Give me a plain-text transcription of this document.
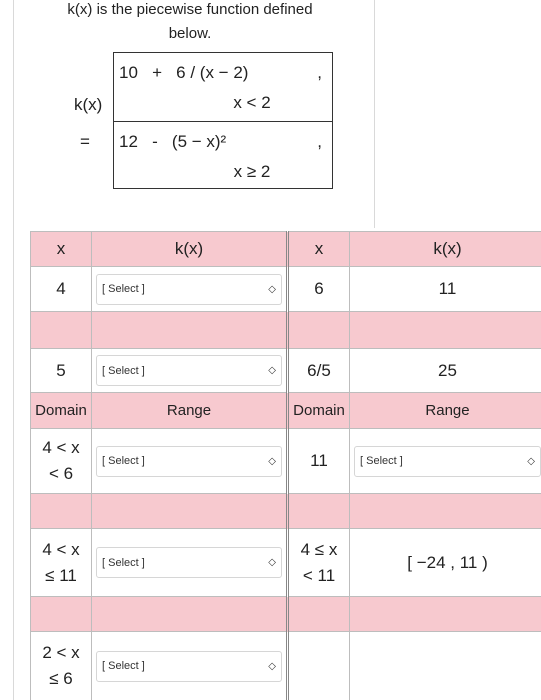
k(x) is the piecewise function defined
below.
k(x)
=
10   +   6 / (x − 2)	,
x < 2
12   -   (5 − x)²	,
x ≥ 2
x	k(x)	x	k(x)
4	[ Select ] ◇	6	11

5	[ Select ] ◇	6/5	25
Domain	Range	Domain	Range
4 < x
< 6	[ Select ] ◇	11	[ Select ] ◇

4 < x
≤ 11	[ Select ] ◇	4 ≤ x
< 11	[ −24 , 11 )

2 < x
≤ 6	[ Select ] ◇		
